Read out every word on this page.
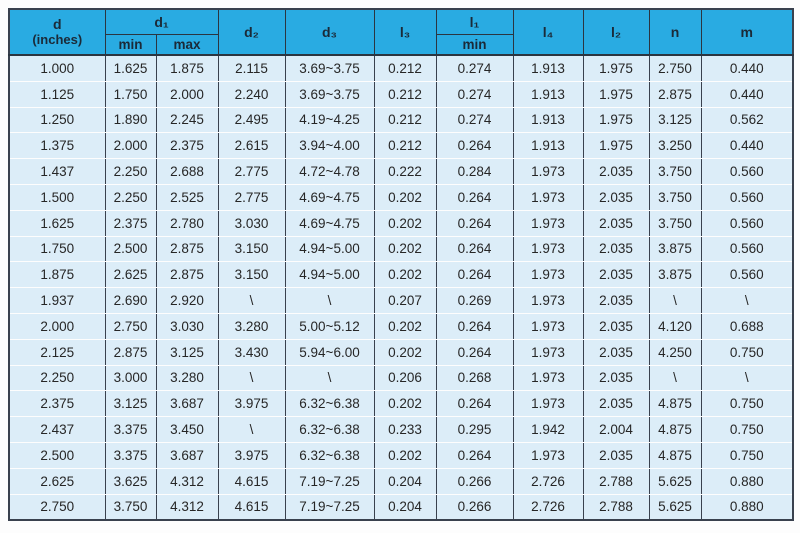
d
(inches)	d₁		d₂	d₃	l₃	l₁	l₄	l₂	n	m
	min	max				min				
1.000	1.625	1.875	2.115	3.69~3.75	0.212	0.274	1.913	1.975	2.750	0.440
1.125	1.750	2.000	2.240	3.69~3.75	0.212	0.274	1.913	1.975	2.875	0.440
1.250	1.890	2.245	2.495	4.19~4.25	0.212	0.274	1.913	1.975	3.125	0.562
1.375	2.000	2.375	2.615	3.94~4.00	0.212	0.264	1.913	1.975	3.250	0.440
1.437	2.250	2.688	2.775	4.72~4.78	0.222	0.284	1.973	2.035	3.750	0.560
1.500	2.250	2.525	2.775	4.69~4.75	0.202	0.264	1.973	2.035	3.750	0.560
1.625	2.375	2.780	3.030	4.69~4.75	0.202	0.264	1.973	2.035	3.750	0.560
1.750	2.500	2.875	3.150	4.94~5.00	0.202	0.264	1.973	2.035	3.875	0.560
1.875	2.625	2.875	3.150	4.94~5.00	0.202	0.264	1.973	2.035	3.875	0.560
1.937	2.690	2.920	\	\	0.207	0.269	1.973	2.035	\	\
2.000	2.750	3.030	3.280	5.00~5.12	0.202	0.264	1.973	2.035	4.120	0.688
2.125	2.875	3.125	3.430	5.94~6.00	0.202	0.264	1.973	2.035	4.250	0.750
2.250	3.000	3.280	\	\	0.206	0.268	1.973	2.035	\	\
2.375	3.125	3.687	3.975	6.32~6.38	0.202	0.264	1.973	2.035	4.875	0.750
2.437	3.375	3.450	\	6.32~6.38	0.233	0.295	1.942	2.004	4.875	0.750
2.500	3.375	3.687	3.975	6.32~6.38	0.202	0.264	1.973	2.035	4.875	0.750
2.625	3.625	4.312	4.615	7.19~7.25	0.204	0.266	2.726	2.788	5.625	0.880
2.750	3.750	4.312	4.615	7.19~7.25	0.204	0.266	2.726	2.788	5.625	0.880
